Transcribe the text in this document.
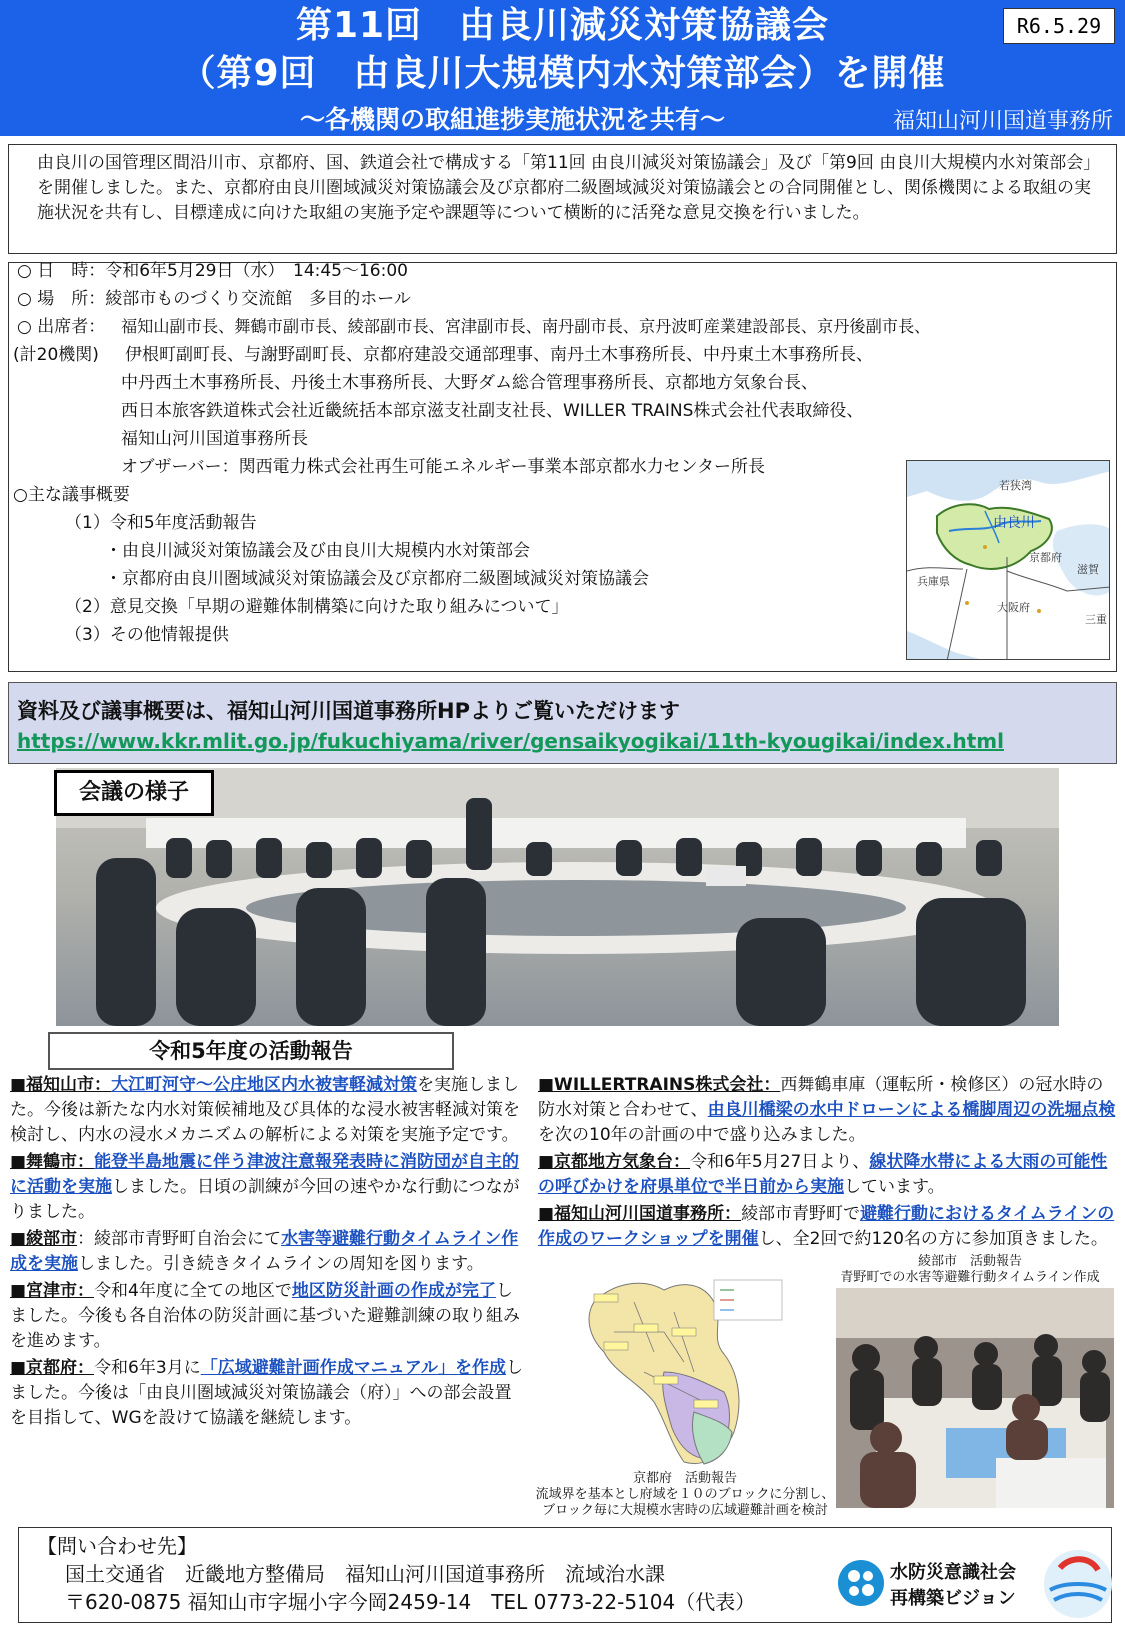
第11回　由良川減災対策協議会
（第9回　由良川大規模内水対策部会）を開催
～各機関の取組進捗実施状況を共有～	福知山河川国道事務所
R6.5.29
由良川の国管理区間沿川市、京都府、国、鉄道会社で構成する「第11回 由良川減災対策協議会」及び「第9回 由良川大規模内水対策部会」を開催しました。また、京都府由良川圏域減災対策協議会及び京都府二級圏域減災対策協議会との合同開催とし、関係機関による取組の実施状況を共有し、目標達成に向けた取組の実施予定や課題等について横断的に活発な意見交換を行いました。
○ 日　時：令和6年5月29日（水）　14:45～16:00
○ 場　所：綾部市ものづくり交流館　多目的ホール
○ 出席者： 福知山副市長、舞鶴市副市長、綾部副市長、宮津副市長、南丹副市長、京丹波町産業建設部長、京丹後副市長、
(計20機関) 伊根町副町長、与謝野副町長、京都府建設交通部理事、南丹土木事務所長、中丹東土木事務所長、
中丹西土木事務所長、丹後土木事務所長、大野ダム総合管理事務所長、京都地方気象台長、
西日本旅客鉄道株式会社近畿統括本部京滋支社副支社長、WILLER TRAINS株式会社代表取締役、
福知山河川国道事務所長
オブザーバー：関西電力株式会社再生可能エネルギー事業本部京都水力センター所長
○主な議事概要
（1）令和5年度活動報告
・由良川減災対策協議会及び由良川大規模内水対策部会
・京都府由良川圏域減災対策協議会及び京都府二級圏域減災対策協議会
（2）意見交換「早期の避難体制構築に向けた取り組みについて」
（3）その他情報提供
京都府
若狭湾
由良川
滋賀
兵庫県
大阪府
三重
資料及び議事概要は、福知山河川国道事務所HPよりご覧いただけます
https://www.kkr.mlit.go.jp/fukuchiyama/river/gensaikyogikai/11th-kyougikai/index.html
会議の様子
令和5年度の活動報告

■福知山市：大江町河守～公庄地区内水被害軽減対策を実施しました。今後は新たな内水対策候補地及び具体的な浸水被害軽減対策を検討し、内水の浸水メカニズムの解析による対策を実施予定です。

■舞鶴市：能登半島地震に伴う津波注意報発表時に消防団が自主的に活動を実施しました。日頃の訓練が今回の速やかな行動につながりました。

■綾部市：綾部市青野町自治会にて水害等避難行動タイムライン作成を実施しました。引き続きタイムラインの周知を図ります。

■宮津市：令和4年度に全ての地区で地区防災計画の作成が完了しました。今後も各自治体の防災計画に基づいた避難訓練の取り組みを進めます。

■京都府：令和6年3月に「広域避難計画作成マニュアル」を作成しました。今後は「由良川圏域減災対策協議会（府）」への部会設置を目指して、WGを設けて協議を継続します。

■WILLERTRAINS株式会社：西舞鶴車庫（運転所・検修区）の冠水時の防水対策と合わせて、由良川橋梁の水中ドローンによる橋脚周辺の洗堀点検を次の10年の計画の中で盛り込みました。

■京都地方気象台：令和6年5月27日より、線状降水帯による大雨の可能性の呼びかけを府県単位で半日前から実施しています。

■福知山河川国道事務所：綾部市青野町で避難行動におけるタイムラインの作成のワークショップを開催し、全2回で約120名の方に参加頂きました。

京都府　活動報告
流域界を基本とし府域を１０のブロックに分割し、
ブロック毎に大規模水害時の広域避難計画を検討
綾部市　活動報告
青野町での水害等避難行動タイムライン作成
【問い合わせ先】
国土交通省　近畿地方整備局　福知山河川国道事務所　流域治水課
〒620-0875 福知山市字堀小字今岡2459-14　TEL 0773-22-5104（代表）
水防災意識社会
再構築ビジョン
